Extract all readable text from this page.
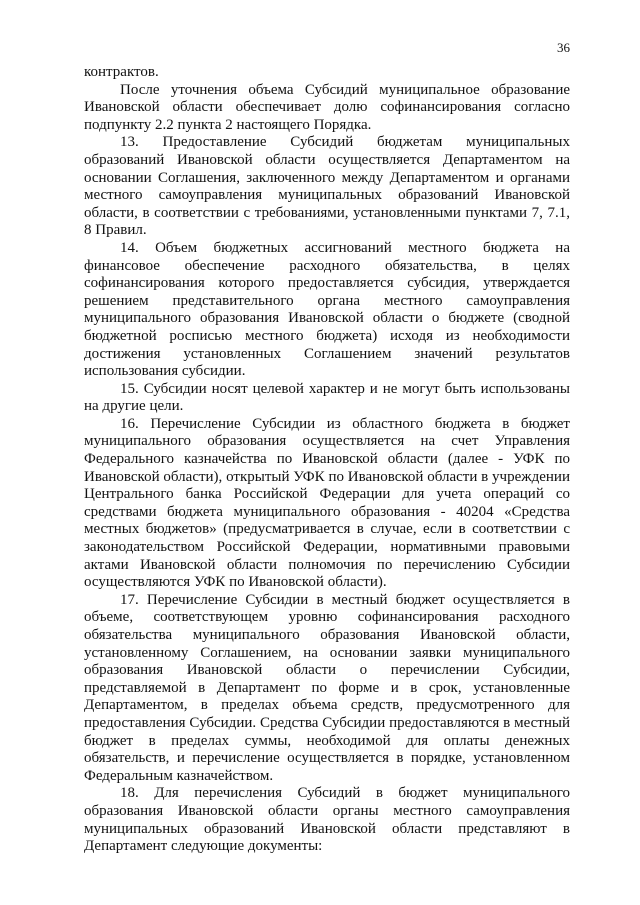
36

контрактов.

После уточнения объема Субсидий муниципальное образование Ивановской области обеспечивает долю софинансирования согласно подпункту 2.2 пункта 2 настоящего Порядка.

13. Предоставление Субсидий бюджетам муниципальных образований Ивановской области осуществляется Департаментом на основании Соглашения, заключенного между Департаментом и органами местного самоуправления муниципальных образований Ивановской области, в соответствии с требованиями, установленными пунктами 7, 7.1, 8 Правил.

14. Объем бюджетных ассигнований местного бюджета на финансовое обеспечение расходного обязательства, в целях софинансирования которого предоставляется субсидия, утверждается решением представительного органа местного самоуправления муниципального образования Ивановской области о бюджете (сводной бюджетной росписью местного бюджета) исходя из необходимости достижения установленных Соглашением значений результатов использования субсидии.

15. Субсидии носят целевой характер и не могут быть использованы на другие цели.

16. Перечисление Субсидии из областного бюджета в бюджет муниципального образования осуществляется на счет Управления Федерального казначейства по Ивановской области (далее - УФК по Ивановской области), открытый УФК по Ивановской области в учреждении Центрального банка Российской Федерации для учета операций со средствами бюджета муниципального образования - 40204 «Средства местных бюджетов» (предусматривается в случае, если в соответствии с законодательством Российской Федерации, нормативными правовыми актами Ивановской области полномочия по перечислению Субсидии осуществляются УФК по Ивановской области).

17. Перечисление Субсидии в местный бюджет осуществляется в объеме, соответствующем уровню софинансирования расходного обязательства муниципального образования Ивановской области, установленному Соглашением, на основании заявки муниципального образования Ивановской области о перечислении Субсидии, представляемой в Департамент по форме и в срок, установленные Департаментом, в пределах объема средств, предусмотренного для предоставления Субсидии. Средства Субсидии предоставляются в местный бюджет в пределах суммы, необходимой для оплаты денежных обязательств, и перечисление осуществляется в порядке, установленном Федеральным казначейством.

18. Для перечисления Субсидий в бюджет муниципального образования Ивановской области органы местного самоуправления муниципальных образований Ивановской области представляют в Департамент следующие документы:
